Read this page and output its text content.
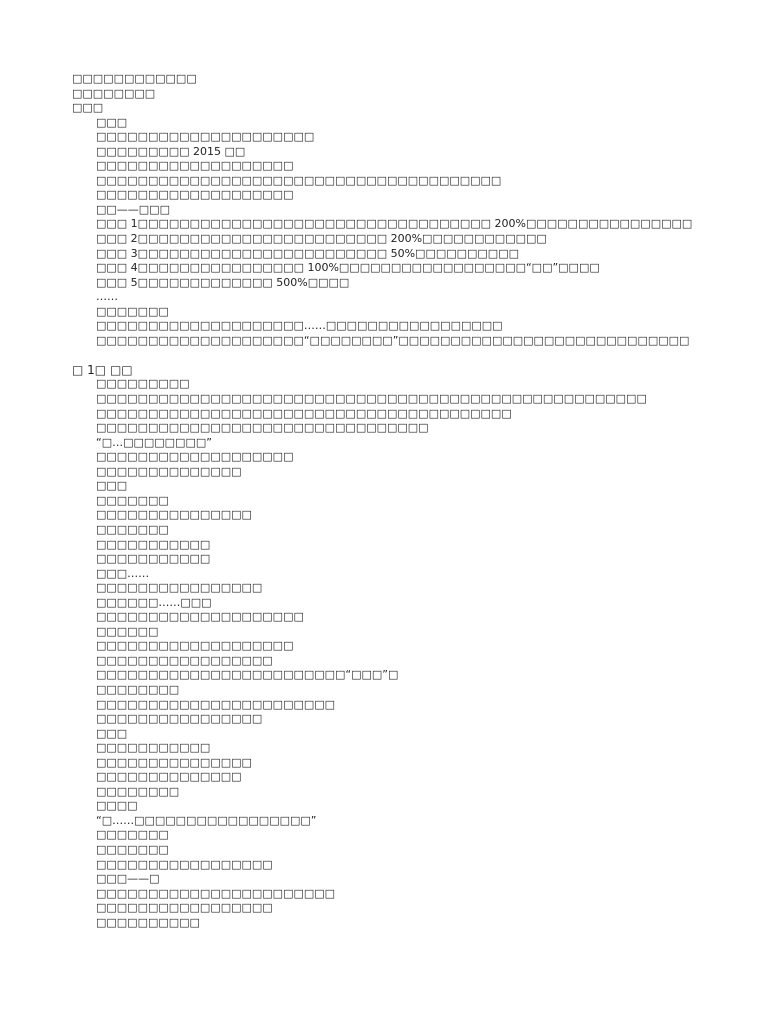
□□□□□□□□□□□□
□□□□□□□□
□□□
□□□
□□□□□□□□□□□□□□□□□□□□□
□□□□□□□□□ 2015 □□
□□□□□□□□□□□□□□□□□□□
□□□□□□□□□□□□□□□□□□□□□□□□□□□□□□□□□□□□□□□
□□□□□□□□□□□□□□□□□□□
□□——□□□
□□□ 1□□□□□□□□□□□□□□□□□□□□□□□□□□□□□□□□□□ 200%□□□□□□□□□□□□□□□□
□□□ 2□□□□□□□□□□□□□□□□□□□□□□□□ 200%□□□□□□□□□□□□
□□□ 3□□□□□□□□□□□□□□□□□□□□□□□□ 50%□□□□□□□□□□
□□□ 4□□□□□□□□□□□□□□□□ 100%□□□□□□□□□□□□□□□□□□“□□”□□□□
□□□ 5□□□□□□□□□□□□□ 500%□□□□
……
□□□□□□□
□□□□□□□□□□□□□□□□□□□□……□□□□□□□□□□□□□□□□□
□□□□□□□□□□□□□□□□□□□□“□□□□□□□□”□□□□□□□□□□□□□□□□□□□□□□□□□□□□
□ 1□ □□
□□□□□□□□□
□□□□□□□□□□□□□□□□□□□□□□□□□□□□□□□□□□□□□□□□□□□□□□□□□□□□□
□□□□□□□□□□□□□□□□□□□□□□□□□□□□□□□□□□□□□□□□
□□□□□□□□□□□□□□□□□□□□□□□□□□□□□□□□
“□…□□□□□□□□”
□□□□□□□□□□□□□□□□□□□
□□□□□□□□□□□□□□
□□□
□□□□□□□
□□□□□□□□□□□□□□□
□□□□□□□
□□□□□□□□□□□
□□□□□□□□□□□
□□□……
□□□□□□□□□□□□□□□□
□□□□□□……□□□
□□□□□□□□□□□□□□□□□□□□
□□□□□□
□□□□□□□□□□□□□□□□□□□
□□□□□□□□□□□□□□□□□
□□□□□□□□□□□□□□□□□□□□□□□□“□□□”□
□□□□□□□□
□□□□□□□□□□□□□□□□□□□□□□□
□□□□□□□□□□□□□□□□
□□□
□□□□□□□□□□□
□□□□□□□□□□□□□□□
□□□□□□□□□□□□□□
□□□□□□□□
□□□□
“□……□□□□□□□□□□□□□□□□□”
□□□□□□□
□□□□□□□
□□□□□□□□□□□□□□□□□
□□□——□
□□□□□□□□□□□□□□□□□□□□□□□
□□□□□□□□□□□□□□□□□
□□□□□□□□□□
